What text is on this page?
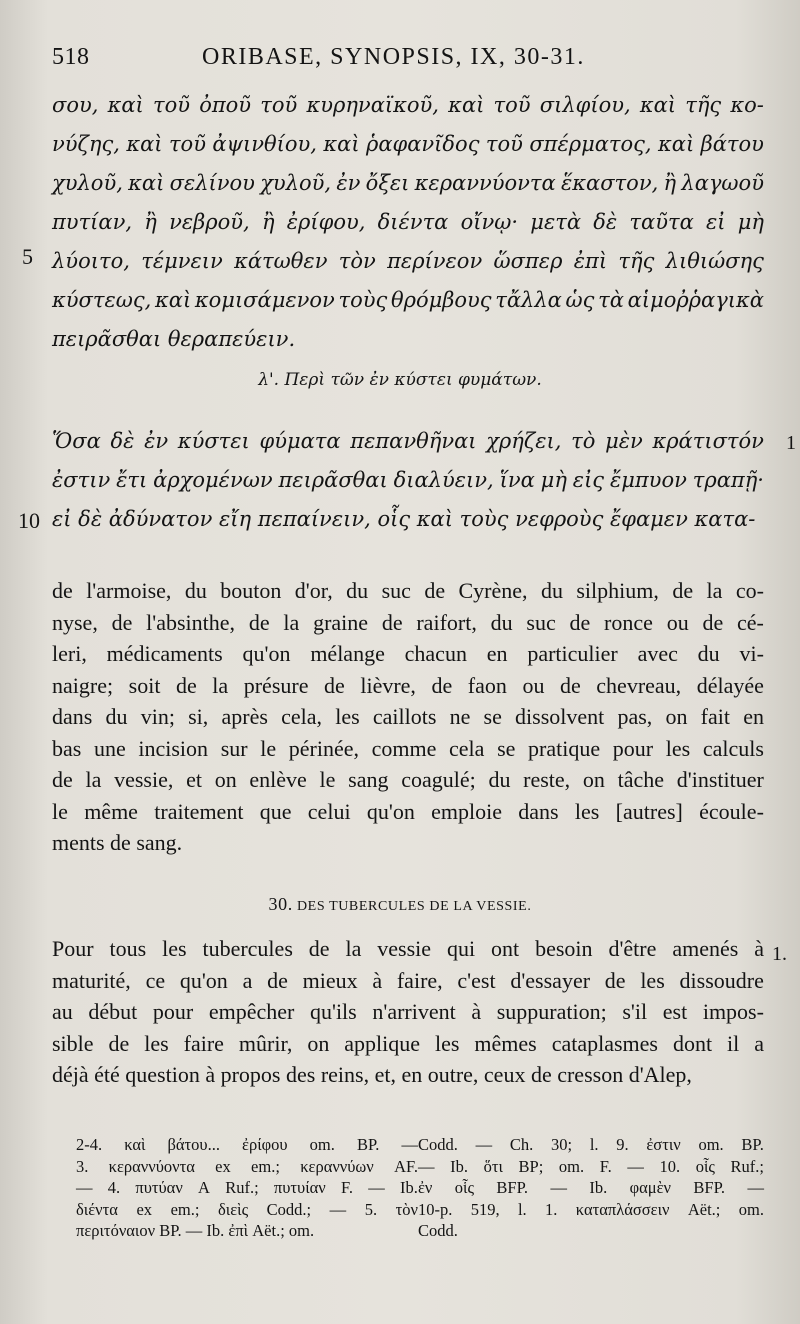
518	ORIBASE, SYNOPSIS, IX, 30-31.
σου, καὶ τοῦ ὀποῦ τοῦ κυρηναϊκοῦ, καὶ τοῦ σιλφίου, καὶ τῆς κο-
νύζης, καὶ τοῦ ἀψινθίου, καὶ ῥαφανῖδος τοῦ σπέρματος, καὶ βάτου
χυλοῦ, καὶ σελίνου χυλοῦ, ἐν ὄξει κεραννύοντα ἕκαστον, ἢ λαγωοῦ
πυτίαν, ἢ νεβροῦ, ἢ ἐρίφου, διέντα οἴνῳ· μετὰ δὲ ταῦτα εἰ μὴ
λύοιτο, τέμνειν κάτωθεν τὸν περίνεον ὥσπερ ἐπὶ τῆς λιθιώσης
κύστεως, καὶ κομισάμενον τοὺς θρόμβους τἄλλα ὡς τὰ αἱμοῤῥαγικὰ
πειρᾶσθαι θεραπεύειν.
5
λ'. Περὶ τῶν ἐν κύστει φυμάτων.
Ὅσα δὲ ἐν κύστει φύματα πεπανθῆναι χρήζει, τὸ μὲν κράτιστόν
ἐστιν ἔτι ἀρχομένων πειρᾶσθαι διαλύειν, ἵνα μὴ εἰς ἔμπυον τραπῇ·
εἰ δὲ ἀδύνατον εἴη πεπαίνειν, οἷς καὶ τοὺς νεφροὺς ἔφαμεν κατα-
10
1
de l'armoise, du bouton d'or, du suc de Cyrène, du silphium, de la co-
nyse, de l'absinthe, de la graine de raifort, du suc de ronce ou de cé-
leri, médicaments qu'on mélange chacun en particulier avec du vi-
naigre; soit de la présure de lièvre, de faon ou de chevreau, délayée
dans du vin; si, après cela, les caillots ne se dissolvent pas, on fait en
bas une incision sur le périnée, comme cela se pratique pour les calculs
de la vessie, et on enlève le sang coagulé; du reste, on tâche d'instituer
le même traitement que celui qu'on emploie dans les [autres] écoule-
ments de sang.
30. DES TUBERCULES DE LA VESSIE.
Pour tous les tubercules de la vessie qui ont besoin d'être amenés à
maturité, ce qu'on a de mieux à faire, c'est d'essayer de les dissoudre
au début pour empêcher qu'ils n'arrivent à suppuration; s'il est impos-
sible de les faire mûrir, on applique les mêmes cataplasmes dont il a
déjà été question à propos des reins, et, en outre, ceux de cresson d'Alep,
1.
2-4. καὶ βάτου... ἐρίφου om. BP. —
3. κεραννύοντα ex em.; κεραννύων AF.
— 4. πυτύαν A Ruf.; πυτυίαν F. — Ib.
διέντα ex em.; διεὶς Codd.; — 5. τὸν
περιτόναιον BP. — Ib. ἐπὶ Aët.; om.
Codd. — Ch. 30; l. 9. ἐστιν om. BP.
— Ib. ὅτι BP; om. F. — 10. οἷς Ruf.;
ἐν οἷς BFP. — Ib. φαμὲν BFP. —
10-p. 519, l. 1. καταπλάσσειν Aët.; om.
Codd.
